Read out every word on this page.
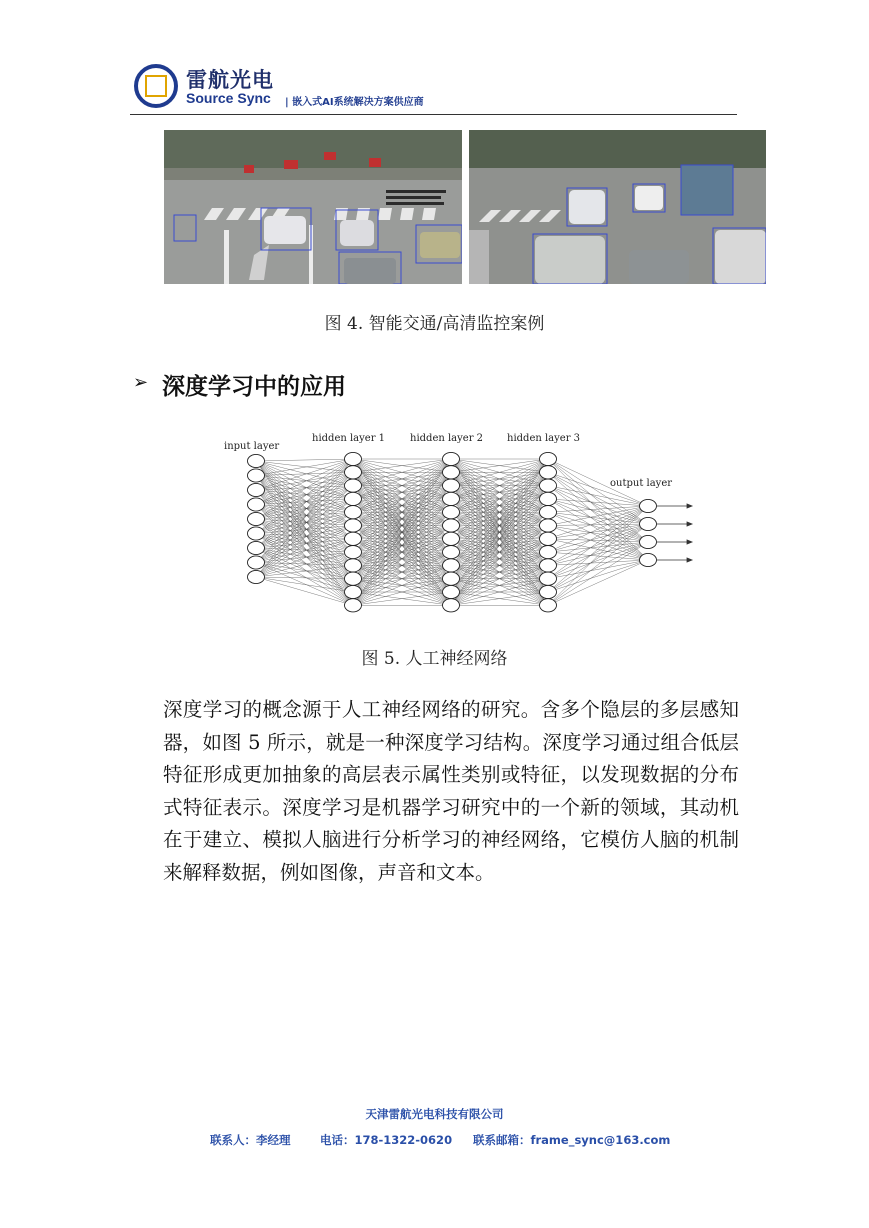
雷航光电
Source Sync | 嵌入式AI系统解决方案供应商
图 4. 智能交通/高清监控案例
➢ 深度学习中的应用
input layer
hidden layer 1 hidden layer 2 hidden layer 3
output layer
图 5. 人工神经网络
深度学习的概念源于人工神经网络的研究。含多个隐层的多层感知器，如图 5 所示，就是一种深度学习结构。深度学习通过组合低层特征形成更加抽象的高层表示属性类别或特征，以发现数据的分布式特征表示。深度学习是机器学习研究中的一个新的领域，其动机在于建立、模拟人脑进行分析学习的神经网络，它模仿人脑的机制来解释数据，例如图像，声音和文本。
天津雷航光电科技有限公司
联系人：李经理	电话：178-1322-0620 联系邮箱：frame_sync@163.com
